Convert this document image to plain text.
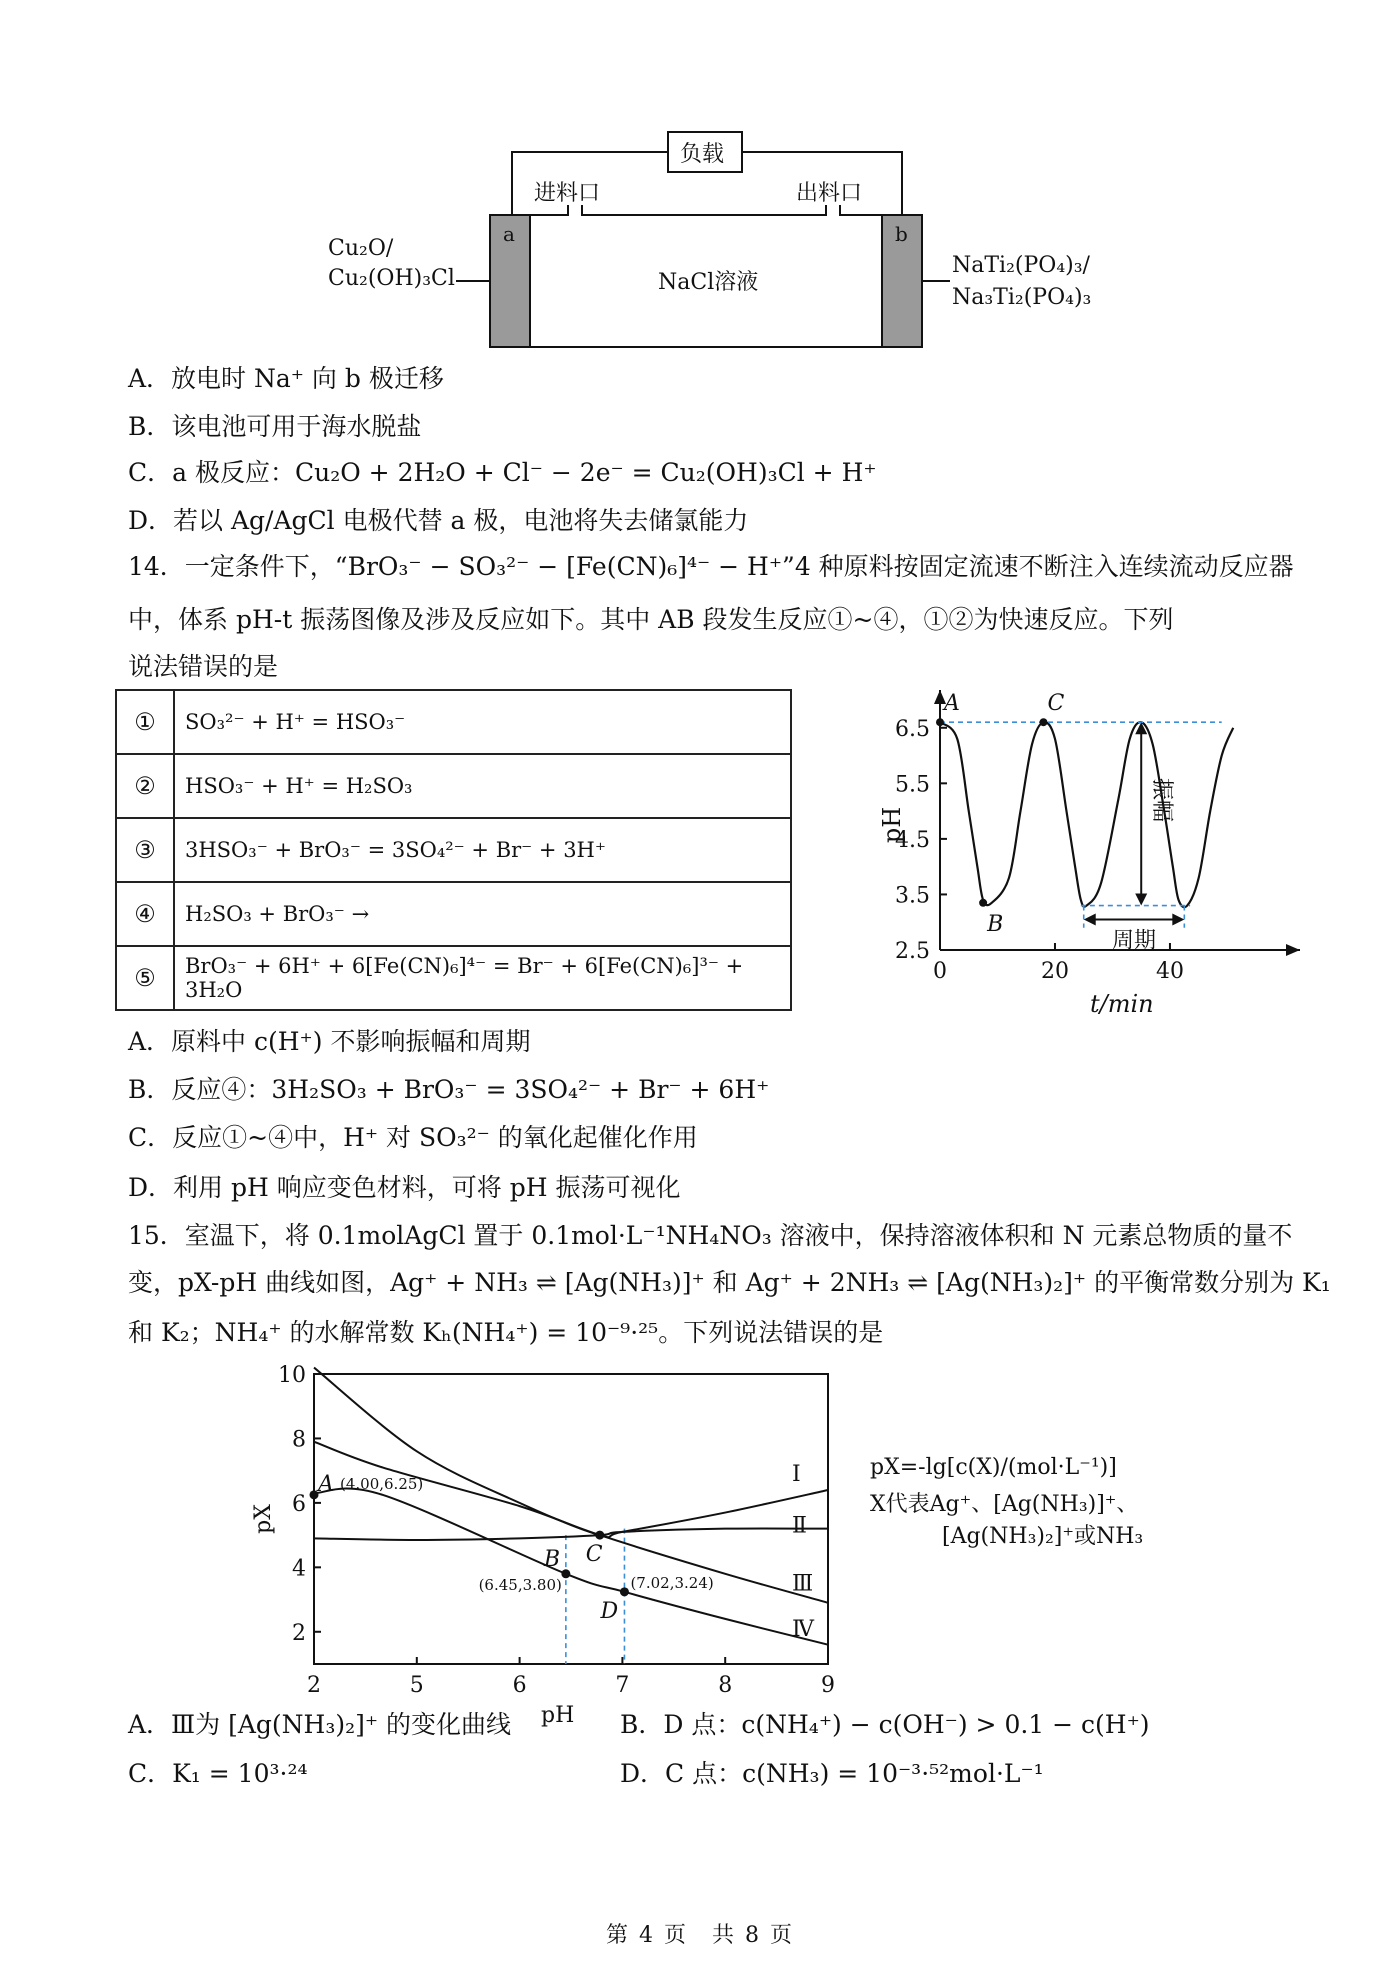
负载
进料口	出料口
a	b
Cu₂O/
Cu₂(OH)₃Cl	NaCl溶液
NaTi₂(PO₄)₃/
Na₃Ti₂(PO₄)₃
A．放电时 Na⁺ 向 b 极迁移
B．该电池可用于海水脱盐
C．a 极反应：Cu₂O + 2H₂O + Cl⁻ − 2e⁻ = Cu₂(OH)₃Cl + H⁺
D．若以 Ag/AgCl 电极代替 a 极，电池将失去储氯能力
14．一定条件下，“BrO₃⁻ − SO₃²⁻ − [Fe(CN)₆]⁴⁻ − H⁺”4 种原料按固定流速不断注入连续流动反应器
中，体系 pH-t 振荡图像及涉及反应如下。其中 AB 段发生反应①~④，①②为快速反应。下列
说法错误的是
①	SO₃²⁻ + H⁺ = HSO₃⁻
②	HSO₃⁻ + H⁺ = H₂SO₃
③	3HSO₃⁻ + BrO₃⁻ = 3SO₄²⁻ + Br⁻ + 3H⁺
④	H₂SO₃ + BrO₃⁻ →
⑤	BrO₃⁻ + 6H⁺ + 6[Fe(CN)₆]⁴⁻ = Br⁻ + 6[Fe(CN)₆]³⁻ + 3H₂O
2.5
3.5
4.5
5.5
6.5
0	20	40
pH
t/min
振幅
周期
A
B
C
A．原料中 c(H⁺) 不影响振幅和周期
B．反应④：3H₂SO₃ + BrO₃⁻ = 3SO₄²⁻ + Br⁻ + 6H⁺
C．反应①~④中，H⁺ 对 SO₃²⁻ 的氧化起催化作用
D．利用 pH 响应变色材料，可将 pH 振荡可视化
15．室温下，将 0.1molAgCl 置于 0.1mol·L⁻¹NH₄NO₃ 溶液中，保持溶液体积和 N 元素总物质的量不
变，pX-pH 曲线如图，Ag⁺ + NH₃ ⇌ [Ag(NH₃)]⁺ 和 Ag⁺ + 2NH₃ ⇌ [Ag(NH₃)₂]⁺ 的平衡常数分别为 K₁
和 K₂；NH₄⁺ 的水解常数 Kₕ(NH₄⁺) = 10⁻⁹·²⁵。下列说法错误的是
2
4
6
8
10
2	5	6	7	8	9
pX
pH
Ⅰ
Ⅱ
Ⅲ
Ⅳ
A (4.00,6.25)
B
(6.45,3.80)
C
D
(7.02,3.24)
pX=-lg[c(X)/(mol·L⁻¹)]
X代表Ag⁺、[Ag(NH₃)]⁺、
[Ag(NH₃)₂]⁺或NH₃
A．Ⅲ为 [Ag(NH₃)₂]⁺ 的变化曲线	B．D 点：c(NH₄⁺) − c(OH⁻) > 0.1 − c(H⁺)
C．K₁ = 10³·²⁴	D．C 点：c(NH₃) = 10⁻³·⁵²mol·L⁻¹
第 4 页　共 8 页
